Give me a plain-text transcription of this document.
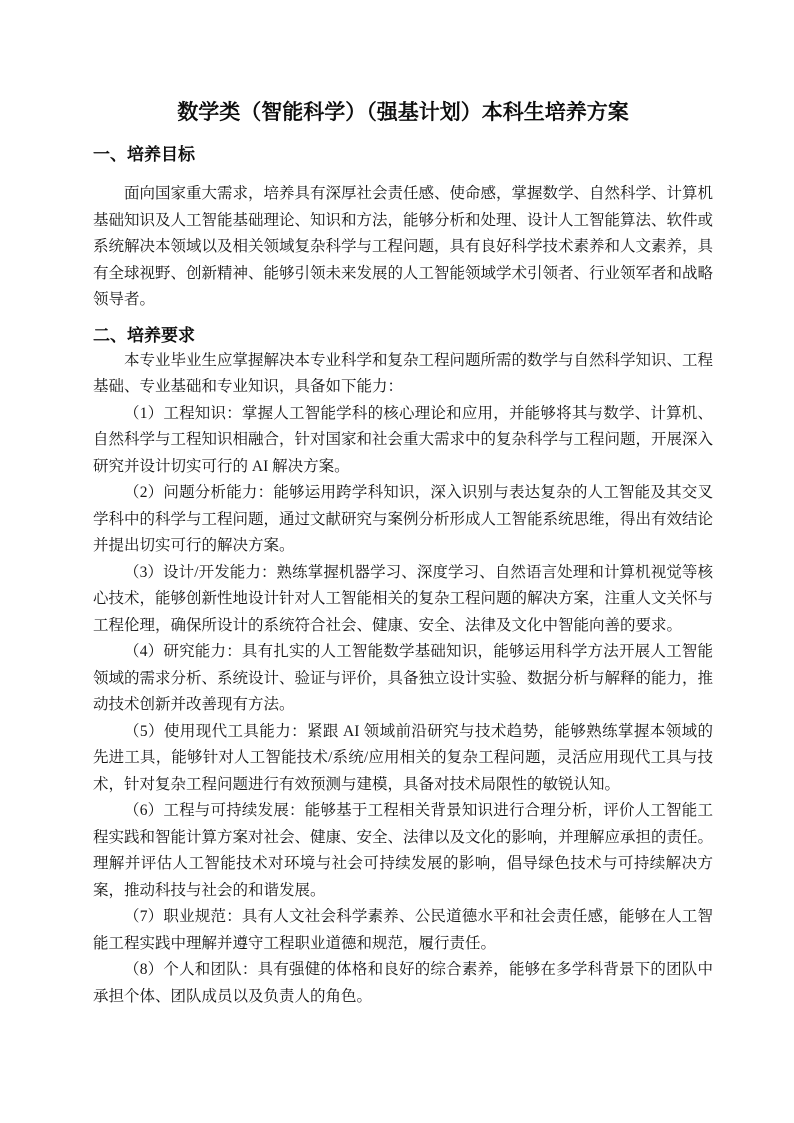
数学类（智能科学）（强基计划）本科生培养方案
一、培养目标

面向国家重大需求，培养具有深厚社会责任感、使命感，掌握数学、自然科学、计算机基础知识及人工智能基础理论、知识和方法，能够分析和处理、设计人工智能算法、软件或系统解决本领域以及相关领域复杂科学与工程问题，具有良好科学技术素养和人文素养，具有全球视野、创新精神、能够引领未来发展的人工智能领域学术引领者、行业领军者和战略领导者。

二、培养要求

本专业毕业生应掌握解决本专业科学和复杂工程问题所需的数学与自然科学知识、工程基础、专业基础和专业知识，具备如下能力：

（1）工程知识：掌握人工智能学科的核心理论和应用，并能够将其与数学、计算机、自然科学与工程知识相融合，针对国家和社会重大需求中的复杂科学与工程问题，开展深入研究并设计切实可行的 AI 解决方案。

（2）问题分析能力：能够运用跨学科知识，深入识别与表达复杂的人工智能及其交叉学科中的科学与工程问题，通过文献研究与案例分析形成人工智能系统思维，得出有效结论并提出切实可行的解决方案。

（3）设计/开发能力：熟练掌握机器学习、深度学习、自然语言处理和计算机视觉等核心技术，能够创新性地设计针对人工智能相关的复杂工程问题的解决方案，注重人文关怀与工程伦理，确保所设计的系统符合社会、健康、安全、法律及文化中智能向善的要求。

（4）研究能力：具有扎实的人工智能数学基础知识，能够运用科学方法开展人工智能领域的需求分析、系统设计、验证与评价，具备独立设计实验、数据分析与解释的能力，推动技术创新并改善现有方法。

（5）使用现代工具能力：紧跟 AI 领域前沿研究与技术趋势，能够熟练掌握本领域的先进工具，能够针对人工智能技术/系统/应用相关的复杂工程问题，灵活应用现代工具与技术，针对复杂工程问题进行有效预测与建模，具备对技术局限性的敏锐认知。

（6）工程与可持续发展：能够基于工程相关背景知识进行合理分析，评价人工智能工程实践和智能计算方案对社会、健康、安全、法律以及文化的影响，并理解应承担的责任。理解并评估人工智能技术对环境与社会可持续发展的影响，倡导绿色技术与可持续解决方案，推动科技与社会的和谐发展。

（7）职业规范：具有人文社会科学素养、公民道德水平和社会责任感，能够在人工智能工程实践中理解并遵守工程职业道德和规范，履行责任。

（8）个人和团队：具有强健的体格和良好的综合素养，能够在多学科背景下的团队中承担个体、团队成员以及负责人的角色。
